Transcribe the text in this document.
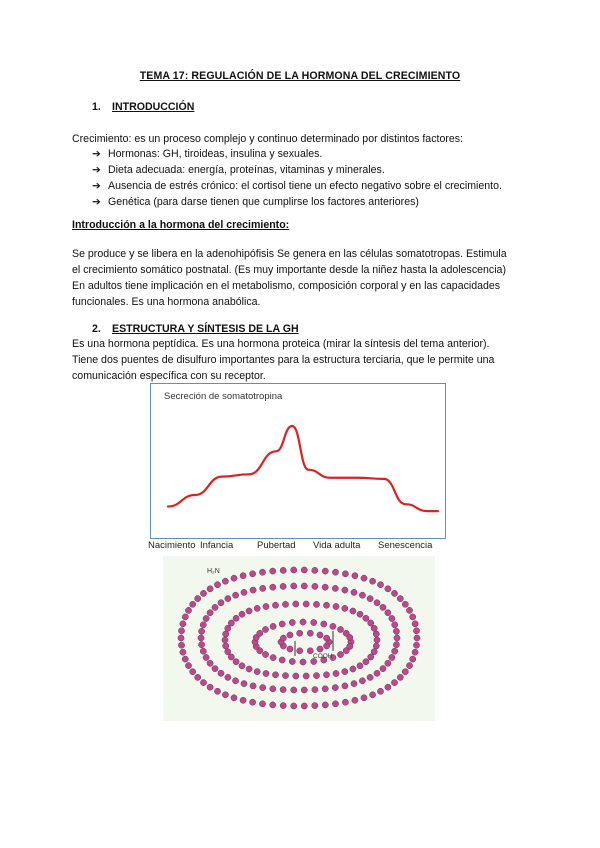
TEMA 17: REGULACIÓN DE LA HORMONA DEL CRECIMIENTO
1. INTRODUCCIÓN
Crecimiento: es un proceso complejo y continuo determinado por distintos factores:
➔ Hormonas: GH, tiroideas, insulina y sexuales.
➔ Dieta adecuada: energía, proteínas, vitaminas y minerales.
➔ Ausencia de estrés crónico: el cortisol tiene un efecto negativo sobre el crecimiento.
➔ Genética (para darse tienen que cumplirse los factores anteriores)
Introducción a la hormona del crecimiento:
Se produce y se libera en la adenohipófisis Se genera en las células somatotropas. Estimula
el crecimiento somático postnatal. (Es muy importante desde la niñez hasta la adolescencia)
En adultos tiene implicación en el metabolismo, composición corporal y en las capacidades
funcionales. Es una hormona anabólica.
2. ESTRUCTURA Y SÍNTESIS DE LA GH
Es una hormona peptídica. Es una hormona proteica (mirar la síntesis del tema anterior).
Tiene dos puentes de disulfuro importantes para la estructura terciaria, que le permite una
comunicación específica con su receptor.
Secreción de somatotropina
Nacimiento Infancia Pubertad Vida adulta Senescencia
H₂N
COOH
